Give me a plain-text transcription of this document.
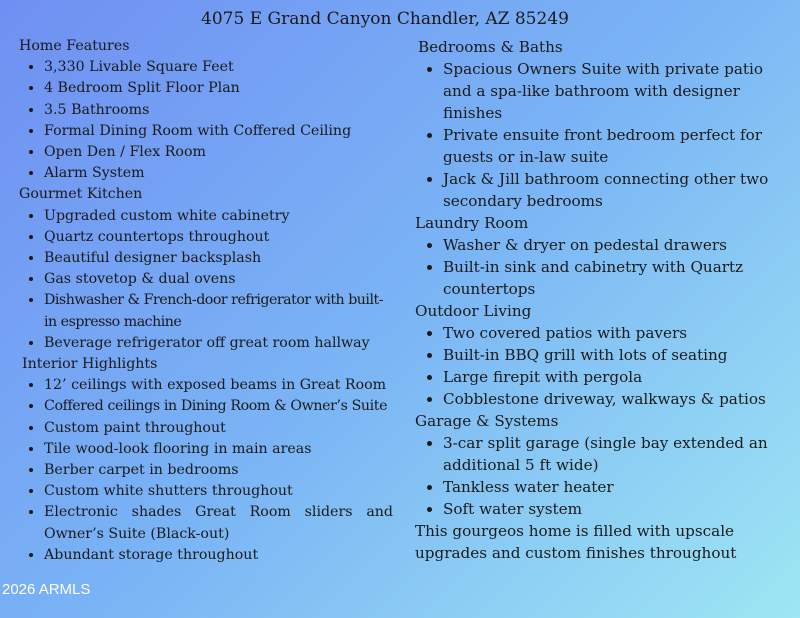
4075 E Grand Canyon Chandler, AZ 85249
Home Features
• 3,330 Livable Square Feet
• 4 Bedroom Split Floor Plan
• 3.5 Bathrooms
• Formal Dining Room with Coffered Ceiling
• Open Den / Flex Room
• Alarm System
Gourmet Kitchen
• Upgraded custom white cabinetry
• Quartz countertops throughout
• Beautiful designer backsplash
• Gas stovetop & dual ovens
• Dishwasher & French-door refrigerator with built-in espresso machine
• Beverage refrigerator off great room hallway
Interior Highlights
• 12’ ceilings with exposed beams in Great Room
• Coffered ceilings in Dining Room & Owner’s Suite
• Custom paint throughout
• Tile wood-look flooring in main areas
• Berber carpet in bedrooms
• Custom white shutters throughout
• Electronic shades Great Room sliders and Owner’s Suite (Black-out)
• Abundant storage throughout
Bedrooms & Baths
• Spacious Owners Suite with private patio and a spa-like bathroom with designer finishes
• Private ensuite front bedroom perfect for guests or in-law suite
• Jack & Jill bathroom connecting other two secondary bedrooms
Laundry Room
• Washer & dryer on pedestal drawers
• Built-in sink and cabinetry with Quartz countertops
Outdoor Living
• Two covered patios with pavers
• Built-in BBQ grill with lots of seating
• Large firepit with pergola
• Cobblestone driveway, walkways & patios
Garage & Systems
• 3-car split garage (single bay extended an additional 5 ft wide)
• Tankless water heater
• Soft water system
This gourgeos home is filled with upscale upgrades and custom finishes throughout
2026 ARMLS
